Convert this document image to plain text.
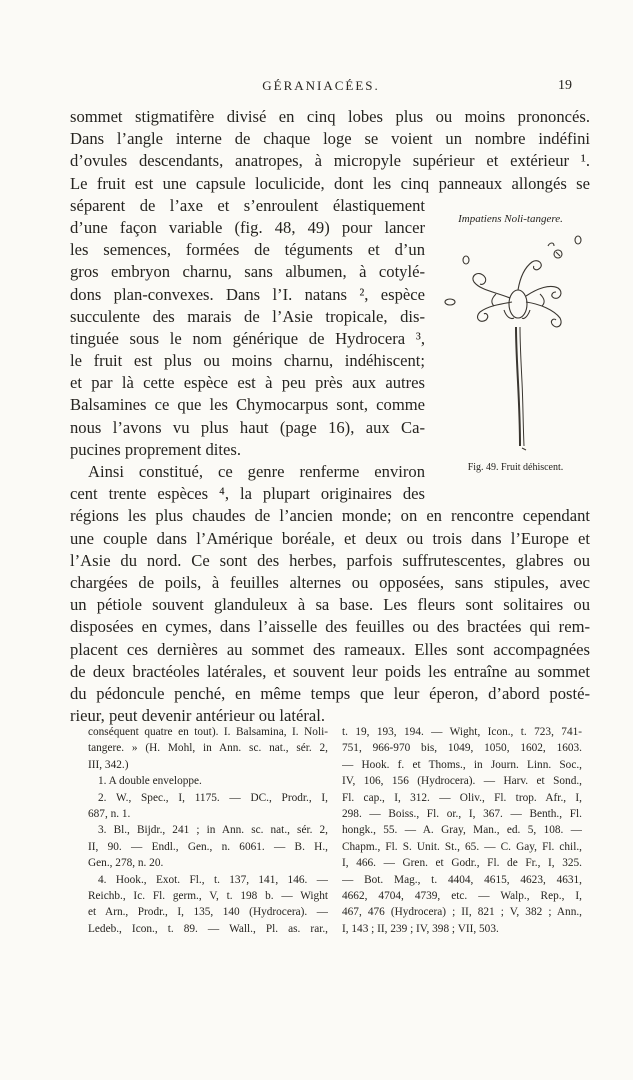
GÉRANIACÉES.	19
sommet stigmatifère divisé en cinq lobes plus ou moins prononcés.
Dans l’angle interne de chaque loge se voient un nombre indéfini
d’ovules descendants, anatropes, à micropyle supérieur et extérieur ¹.
Le fruit est une capsule loculicide, dont les cinq panneaux allongés se
séparent de l’axe et s’enroulent élastiquement
d’une façon variable (fig. 48, 49) pour lancer
les semences, formées de téguments et d’un
gros embryon charnu, sans albumen, à cotylé-
dons plan-convexes. Dans l’I. natans ², espèce
succulente des marais de l’Asie tropicale, dis-
tinguée sous le nom générique de Hydrocera ³,
le fruit est plus ou moins charnu, indéhiscent;
et par là cette espèce est à peu près aux autres
Balsamines ce que les Chymocarpus sont, comme
nous l’avons vu plus haut (page 16), aux Ca-
pucines proprement dites.
Ainsi constitué, ce genre renferme environ
cent trente espèces ⁴, la plupart originaires des
régions les plus chaudes de l’ancien monde; on en rencontre cependant
une couple dans l’Amérique boréale, et deux ou trois dans l’Europe et
l’Asie du nord. Ce sont des herbes, parfois suffrutescentes, glabres ou
chargées de poils, à feuilles alternes ou opposées, sans stipules, avec
un pétiole souvent glanduleux à sa base. Les fleurs sont solitaires ou
disposées en cymes, dans l’aisselle des feuilles ou des bractées qui rem-
placent ces dernières au sommet des rameaux. Elles sont accompagnées
de deux bractéoles latérales, et souvent leur poids les entraîne au sommet
du pédoncule penché, en même temps que leur éperon, d’abord posté-
rieur, peut devenir antérieur ou latéral.
Impatiens Noli-tangere.
Fig. 49. Fruit déhiscent.
conséquent quatre en tout). I. Balsamina, I. Noli-
tangere. » (H. Mohl, in Ann. sc. nat., sér. 2,
III, 342.)
1. A double enveloppe.
2. W., Spec., I, 1175. — DC., Prodr., I,
687, n. 1.
3. Bl., Bijdr., 241 ; in Ann. sc. nat., sér. 2,
II, 90. — Endl., Gen., n. 6061. — B. H.,
Gen., 278, n. 20.
4. Hook., Exot. Fl., t. 137, 141, 146. —
Reichb., Ic. Fl. germ., V, t. 198 b. — Wight
et Arn., Prodr., I, 135, 140 (Hydrocera). —
Ledeb., Icon., t. 89. — Wall., Pl. as. rar.,
t. 19, 193, 194. — Wight, Icon., t. 723, 741-
751, 966-970 bis, 1049, 1050, 1602, 1603.
— Hook. f. et Thoms., in Journ. Linn. Soc.,
IV, 106, 156 (Hydrocera). — Harv. et Sond.,
Fl. cap., I, 312. — Oliv., Fl. trop. Afr., I,
298. — Boiss., Fl. or., I, 367. — Benth., Fl.
hongk., 55. — A. Gray, Man., ed. 5, 108. —
Chapm., Fl. S. Unit. St., 65. — C. Gay, Fl. chil.,
I, 466. — Gren. et Godr., Fl. de Fr., I, 325.
— Bot. Mag., t. 4404, 4615, 4623, 4631,
4662, 4704, 4739, etc. — Walp., Rep., I,
467, 476 (Hydrocera) ; II, 821 ; V, 382 ; Ann.,
I, 143 ; II, 239 ; IV, 398 ; VII, 503.
